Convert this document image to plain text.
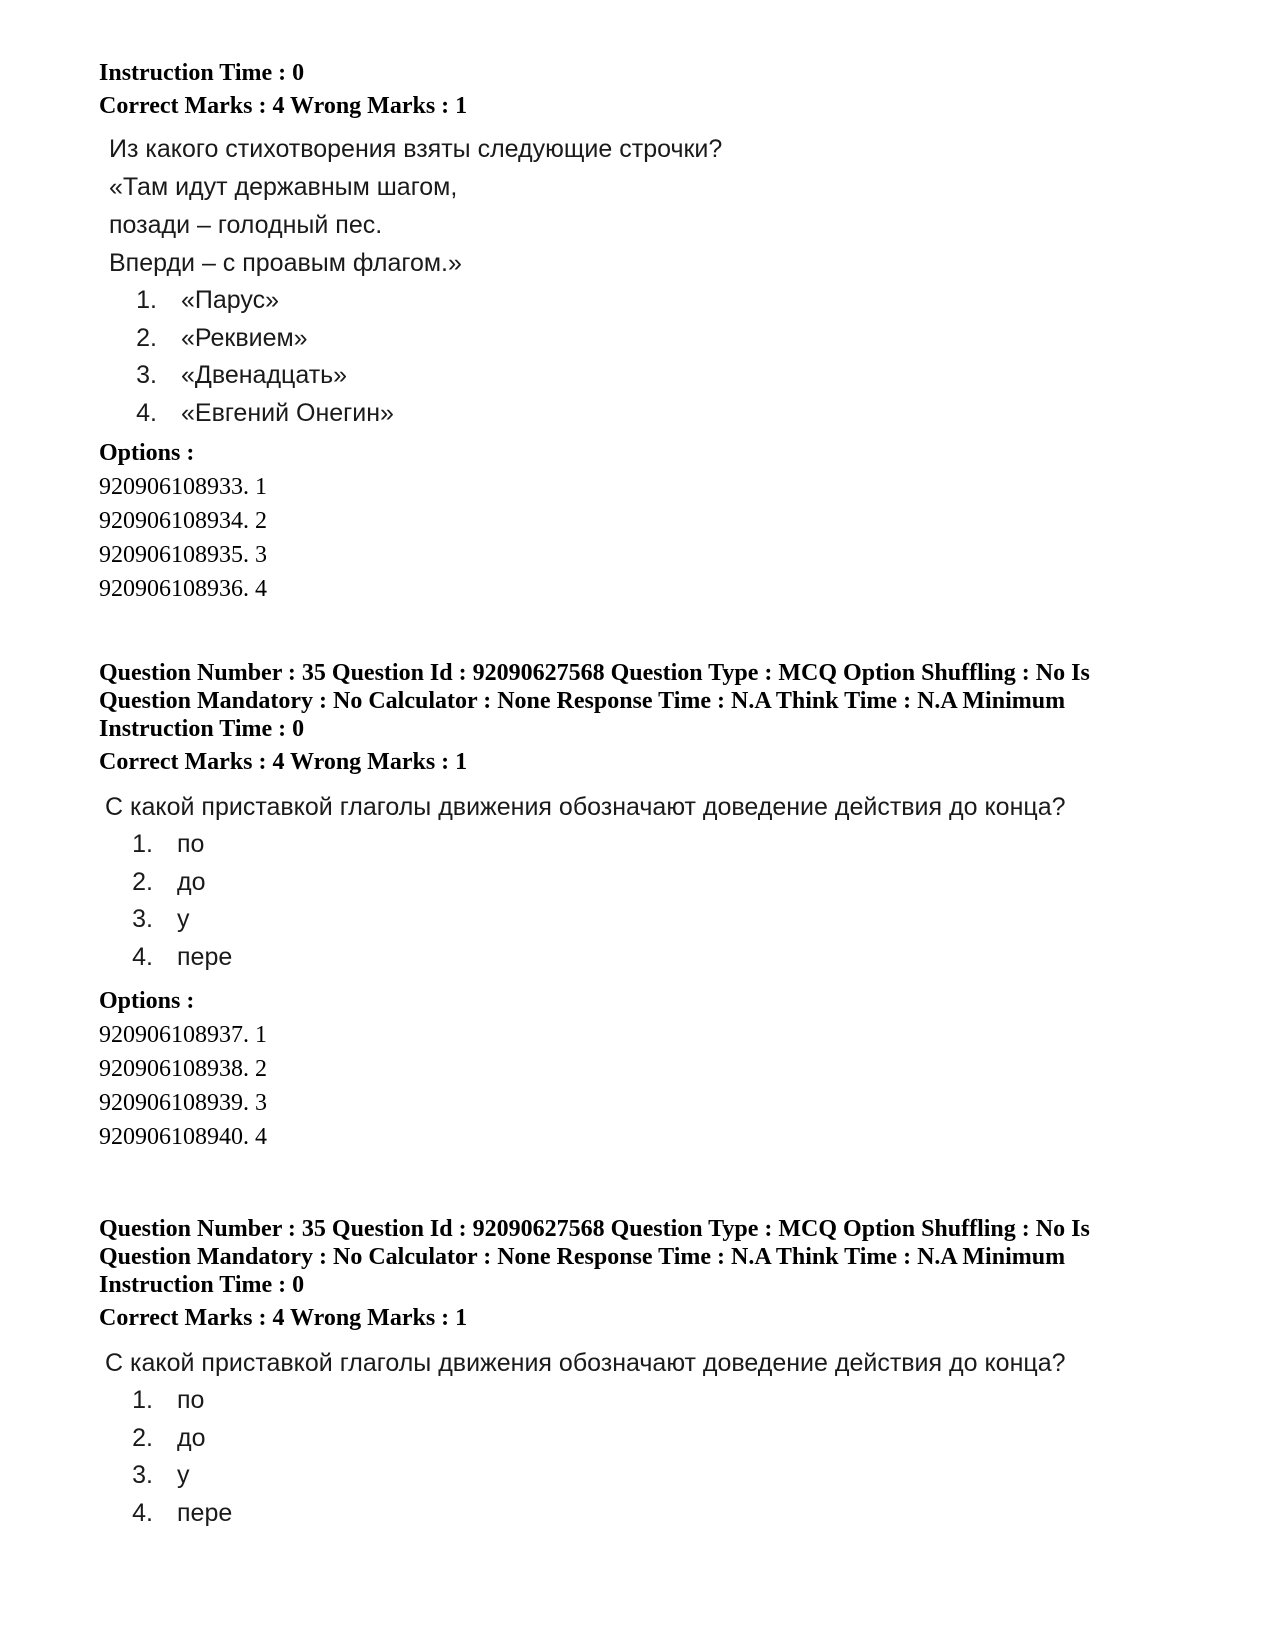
Instruction Time : 0
Correct Marks : 4 Wrong Marks : 1
Из какого стихотворения взяты следующие строчки?
«Там идут державным шагом,
позади – голодный пес.
Вперди – с проавым флагом.»
1. «Парус»
2. «Реквием»
3. «Двенадцать»
4. «Евгений Онегин»
Options :
920906108933. 1
920906108934. 2
920906108935. 3
920906108936. 4
Question Number : 35 Question Id : 92090627568 Question Type : MCQ Option Shuffling : No Is
Question Mandatory : No Calculator : None Response Time : N.A Think Time : N.A Minimum
Instruction Time : 0
Correct Marks : 4 Wrong Marks : 1
С какой приставкой глаголы движения обозначают доведение действия до конца?
1. по
2. до
3. у
4. пере
Options :
920906108937. 1
920906108938. 2
920906108939. 3
920906108940. 4
Question Number : 35 Question Id : 92090627568 Question Type : MCQ Option Shuffling : No Is
Question Mandatory : No Calculator : None Response Time : N.A Think Time : N.A Minimum
Instruction Time : 0
Correct Marks : 4 Wrong Marks : 1
С какой приставкой глаголы движения обозначают доведение действия до конца?
1. по
2. до
3. у
4. пере
